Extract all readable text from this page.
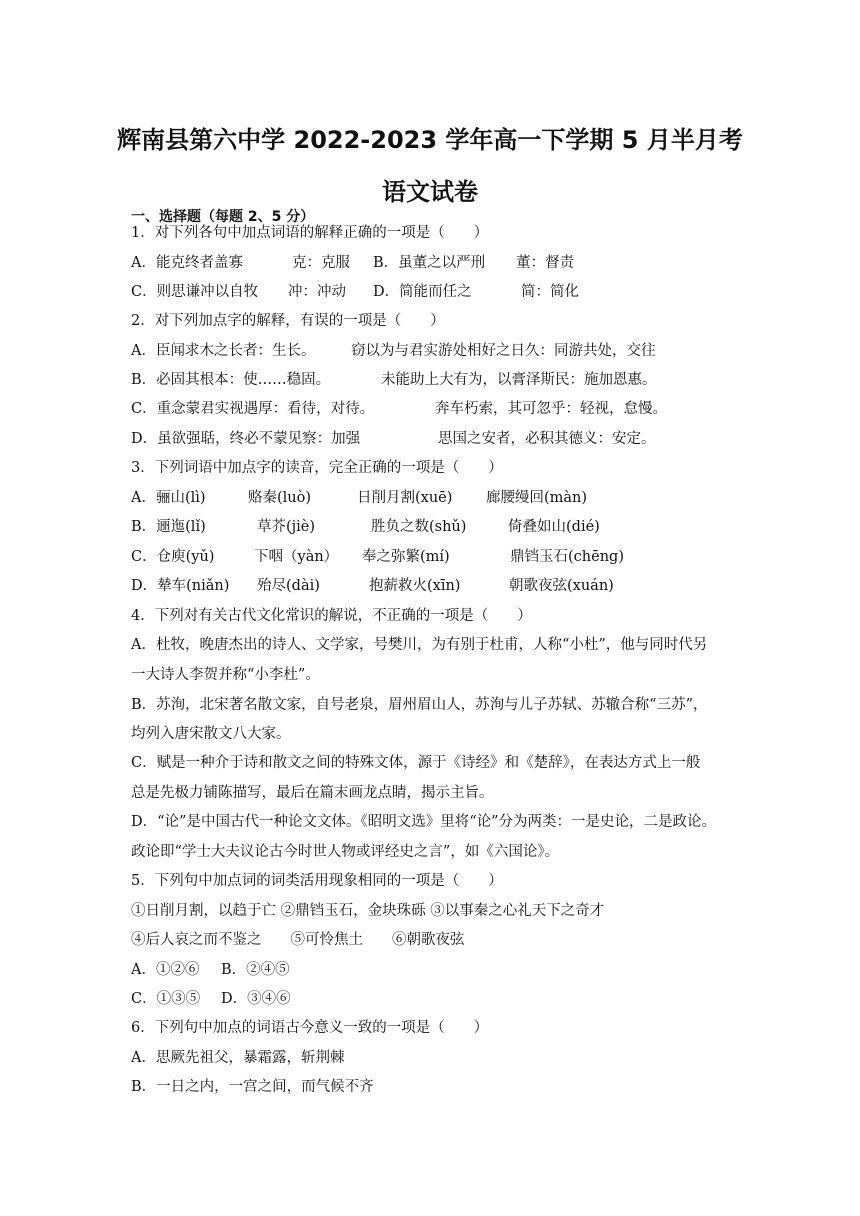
辉南县第六中学 2022-2023 学年高一下学期 5 月半月考
语文试卷
一、选择题（每题 2、5 分）
1．对下列各句中加点词语的解释正确的一项是（　　）
A．能克终者盖寡	克：克服 B．虽董之以严刑 董：督责
C．则思谦冲以自牧 冲：冲动 D．简能而任之	简：简化
2．对下列加点字的解释，有误的一项是（　　）
A．臣闻求木之长者：生长。 窃以为与君实游处相好之日久：同游共处，交往
B．必固其根本：使……稳固。	未能助上大有为，以膏泽斯民：施加恩惠。
C．重念蒙君实视遇厚：看待，对待。	奔车朽索，其可忽乎：轻视，怠慢。
D．虽欲强聒，终必不蒙见察：加强	思国之安者，必积其德义：安定。
3．下列词语中加点字的读音，完全正确的一项是（　　）
A．骊山(lì)	赂秦(luò)	日削月割(xuē) 廊腰缦回(màn)
B．逦迤(lǐ)	草芥(jiè)	胜负之数(shǔ)	倚叠如山(dié)
C．仓庾(yǔ)	下咽（yàn） 奉之弥繁(mí)	鼎铛玉石(chēng)
D．辇车(niǎn) 殆尽(dài)	抱薪救火(xīn)	朝歌夜弦(xuán)
4．下列对有关古代文化常识的解说，不正确的一项是（　　）
A．杜牧，晚唐杰出的诗人、文学家，号樊川，为有别于杜甫，人称“小杜”，他与同时代另
一大诗人李贺并称“小李杜”。
B．苏洵，北宋著名散文家，自号老泉，眉州眉山人，苏洵与儿子苏轼、苏辙合称“三苏”，
均列入唐宋散文八大家。
C．赋是一种介于诗和散文之间的特殊文体，源于《诗经》和《楚辞》，在表达方式上一般
总是先极力铺陈描写，最后在篇末画龙点睛，揭示主旨。
D．“论”是中国古代一种论文文体。《昭明文选》里将“论”分为两类：一是史论，二是政论。
政论即“学士大夫议论古今时世人物或评经史之言”，如《六国论》。
5．下列句中加点词的词类活用现象相同的一项是（　　）
①日削月割，以趋于亡 ②鼎铛玉石，金块珠砾 ③以事秦之心礼天下之奇才
④后人哀之而不鉴之　　⑤可怜焦土　　⑥朝歌夜弦
A．①②⑥ B．②④⑤
C．①③⑤ D．③④⑥
6．下列句中加点的词语古今意义一致的一项是（　　）
A．思厥先祖父，暴霜露，斩荆棘
B．一日之内，一宫之间，而气候不齐
